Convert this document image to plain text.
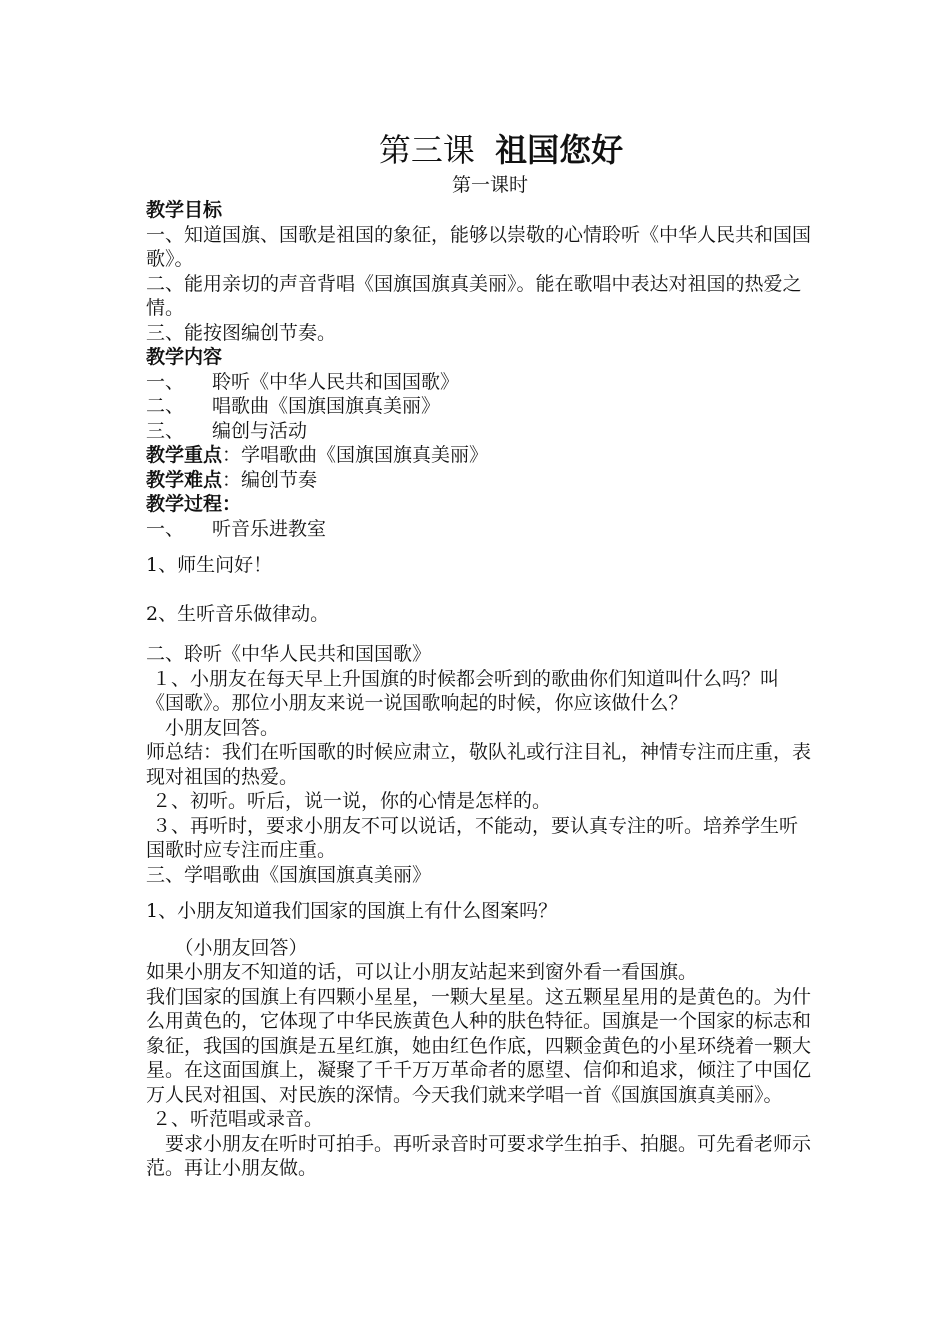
第三课 祖国您好
第一课时
教学目标
一、知道国旗、国歌是祖国的象征，能够以崇敬的心情聆听《中华人民共和国国歌》。
二、能用亲切的声音背唱《国旗国旗真美丽》。能在歌唱中表达对祖国的热爱之情。
三、能按图编创节奏。
教学内容
一、	聆听《中华人民共和国国歌》
二、	唱歌曲《国旗国旗真美丽》
三、	编创与活动
教学重点：学唱歌曲《国旗国旗真美丽》
教学难点：编创节奏
教学过程：
一、	听音乐进教室
1、师生问好！
2、生听音乐做律动。
二、聆听《中华人民共和国国歌》
１、小朋友在每天早上升国旗的时候都会听到的歌曲你们知道叫什么吗？叫《国歌》。那位小朋友来说一说国歌响起的时候，你应该做什么？
　小朋友回答。
师总结：我们在听国歌的时候应肃立，敬队礼或行注目礼，神情专注而庄重，表现对祖国的热爱。
２、初听。听后，说一说，你的心情是怎样的。
３、再听时，要求小朋友不可以说话，不能动，要认真专注的听。培养学生听国歌时应专注而庄重。
三、学唱歌曲《国旗国旗真美丽》
1、小朋友知道我们国家的国旗上有什么图案吗？
　　（小朋友回答）
如果小朋友不知道的话，可以让小朋友站起来到窗外看一看国旗。
我们国家的国旗上有四颗小星星，一颗大星星。这五颗星星用的是黄色的。为什么用黄色的，它体现了中华民族黄色人种的肤色特征。国旗是一个国家的标志和象征，我国的国旗是五星红旗，她由红色作底，四颗金黄色的小星环绕着一颗大星。在这面国旗上，凝聚了千千万万革命者的愿望、信仰和追求，倾注了中国亿万人民对祖国、对民族的深情。今天我们就来学唱一首《国旗国旗真美丽》。
２、听范唱或录音。
　要求小朋友在听时可拍手。再听录音时可要求学生拍手、拍腿。可先看老师示范。再让小朋友做。
